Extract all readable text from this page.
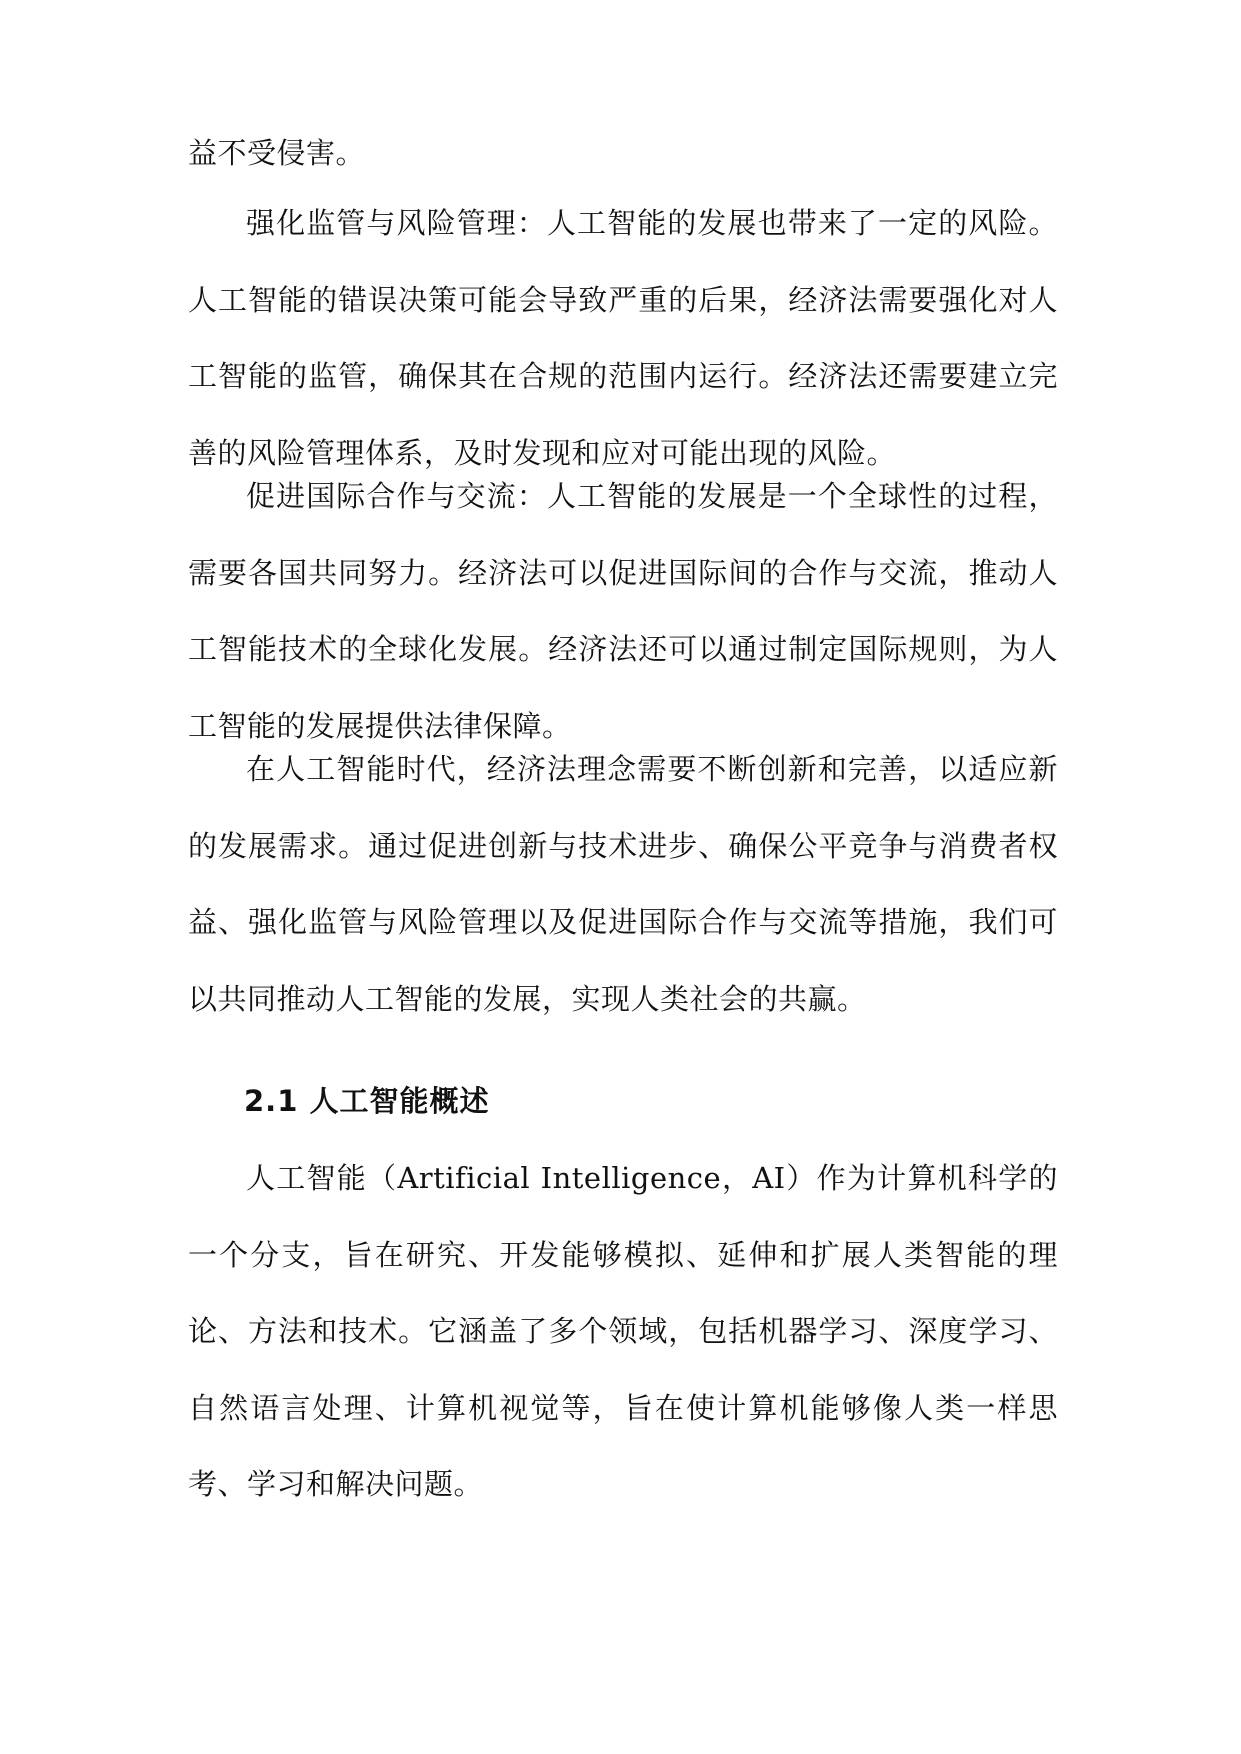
益不受侵害。

强化监管与风险管理：人工智能的发展也带来了一定的风险。人工智能的错误决策可能会导致严重的后果，经济法需要强化对人工智能的监管，确保其在合规的范围内运行。经济法还需要建立完善的风险管理体系，及时发现和应对可能出现的风险。

促进国际合作与交流：人工智能的发展是一个全球性的过程，需要各国共同努力。经济法可以促进国际间的合作与交流，推动人工智能技术的全球化发展。经济法还可以通过制定国际规则，为人工智能的发展提供法律保障。

在人工智能时代，经济法理念需要不断创新和完善，以适应新的发展需求。通过促进创新与技术进步、确保公平竞争与消费者权益、强化监管与风险管理以及促进国际合作与交流等措施，我们可以共同推动人工智能的发展，实现人类社会的共赢。

2.1 人工智能概述

人工智能（Artificial Intelligence，AI）作为计算机科学的一个分支，旨在研究、开发能够模拟、延伸和扩展人类智能的理论、方法和技术。它涵盖了多个领域，包括机器学习、深度学习、自然语言处理、计算机视觉等，旨在使计算机能够像人类一样思考、学习和解决问题。
